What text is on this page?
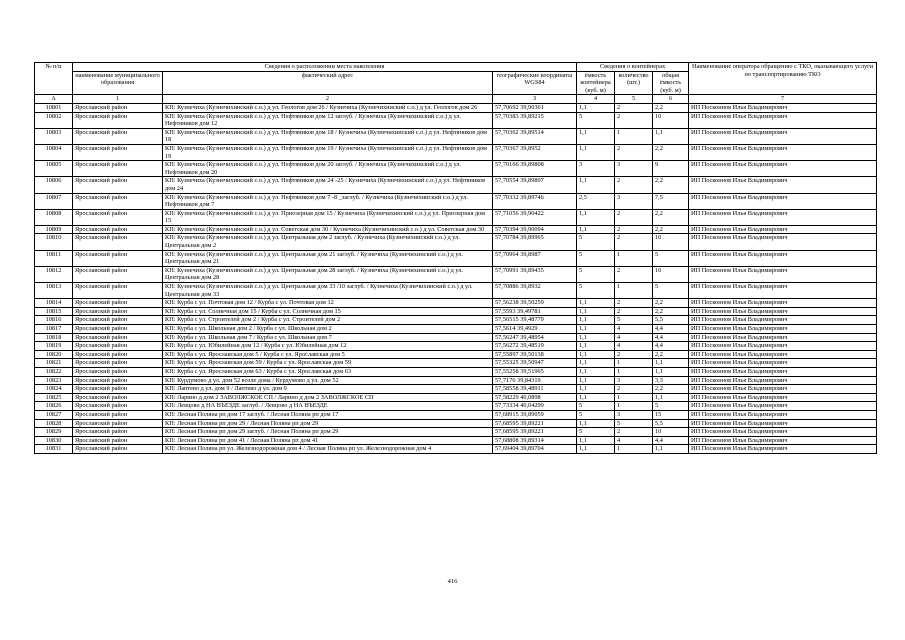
№ п/п	Сведения о расположении места накопления			Сведения о контейнерах			Наименование оператора обращению с ТКО, оказывающего услуги по транспортированию ТКО
	наименование муниципального образования	фактический адрес	географические координаты WGS84	ёмкость контейнера (куб. м)	количество (шт.)	общая ёмкость (куб. м)	
А	1	2	3	4	5	6	7
10801	Ярославский район	КП: Кузнечиха (Кузнечихинский с.о.) д ул. Геологов дом 26 / Кузнечиха (Кузнечихинский с.о.) д ул. Геологов дом 26	57,70692 39,90361	1,1	2	2,2	ИП Посконнов Илья Владимирович
10802	Ярославский район	КП: Кузнечиха (Кузнечихинский с.о.) д ул. Нефтяников дом 12 заглуб. / Кузнечиха (Кузнечихинский с.о.) д ул. Нефтяников дом 12	57,70383 39,89215	5	2	10	ИП Посконнов Илья Владимирович
10803	Ярославский район	КП: Кузнечиха (Кузнечихинский с.о.) д ул. Нефтяников дом 18 / Кузнечиха (Кузнечихинский с.о.) д ул. Нефтяников дом 18	57,70362 39,89514	1,1	1	1,1	ИП Посконнов Илья Владимирович
10804	Ярославский район	КП: Кузнечиха (Кузнечихинский с.о.) д ул. Нефтяников дом 19 / Кузнечиха (Кузнечихинский с.о.) д ул. Нефтяников дом 19	57,70367 39,8952	1,1	2	2,2	ИП Посконнов Илья Владимирович
10805	Ярославский район	КП: Кузнечиха (Кузнечихинский с.о.) д ул. Нефтяников дом 20 заглуб. / Кузнечиха (Кузнечихинский с.о.) д ул. Нефтяников дом 20	57,70166 39,89808	3	3	9	ИП Посконнов Илья Владимирович
10806	Ярославский район	КП: Кузнечиха (Кузнечихинский с.о.) д ул. Нефтяников дом 24 -25 / Кузнечиха (Кузнечихинский с.о.) д ул. Нефтяников дом 24	57,70554 39,89897	1,1	2	2,2	ИП Посконнов Илья Владимирович
10807	Ярославский район	КП: Кузнечиха (Кузнечихинский с.о.) д ул. Нефтяников дом 7 -8 _заглуб. / Кузнечиха (Кузнечихинский с.о.) д ул. Нефтяников дом 7	57,70332 39,89746	2,5	3	7,5	ИП Посконнов Илья Владимирович
10808	Ярославский район	КП: Кузнечиха (Кузнечихинский с.о.) д ул. Приозерная дом 15 / Кузнечиха (Кузнечихинский с.о.) д ул. Приозерная дом 15	57,71056 39,90422	1,1	2	2,2	ИП Посконнов Илья Владимирович
10809	Ярославский район	КП: Кузнечиха (Кузнечихинский с.о.) д ул. Советская дом 30 / Кузнечиха (Кузнечихинский с.о.) д ул. Советская дом 30	57,70394 39,90094	1,1	2	2,2	ИП Посконнов Илья Владимирович
10810	Ярославский район	КП: Кузнечиха (Кузнечихинский с.о.) д ул. Центральная дом 2 заглуб. / Кузнечиха (Кузнечихинский с.о.) д ул. Центральная дом 2	57,70784 39,89965	5	2	10	ИП Посконнов Илья Владимирович
10811	Ярославский район	КП: Кузнечиха (Кузнечихинский с.о.) д ул. Центральная дом 21 заглуб. / Кузнечиха (Кузнечихинский с.о.) д ул. Центральная дом 21	57,70964 39,8987	5	1	5	ИП Посконнов Илья Владимирович
10812	Ярославский район	КП: Кузнечиха (Кузнечихинский с.о.) д ул. Центральная дом 28 заглуб. / Кузнечиха (Кузнечихинский с.о.) д ул. Центральная дом 28	57,70991 39,89435	5	2	10	ИП Посконнов Илья Владимирович
10813	Ярославский район	КП: Кузнечиха (Кузнечихинский с.о.) д ул. Центральная дом 33 /10 заглуб. / Кузнечиха (Кузнечихинский с.о.) д ул. Центральная дом 33	57,70886 39,8932	5	1	5	ИП Посконнов Илья Владимирович
10814	Ярославский район	КП: Курба с ул. Почтовая дом 12 / Курба с ул. Почтовая дом 12	57,56238 39,50259	1,1	2	2,2	ИП Посконнов Илья Владимирович
10815	Ярославский район	КП: Курба с ул. Солнечная дом 15 / Курба с ул. Солнечная дом 15	57,5593 39,49781	1,1	2	2,2	ИП Посконнов Илья Владимирович
10816	Ярославский район	КП: Курба с ул. Строителей дом 2 / Курба с ул. Строителей дом 2	57,56515 39,48779	1,1	5	5,5	ИП Посконнов Илья Владимирович
10817	Ярославский район	КП: Курба с ул. Школьная дом 2 / Курба с ул. Школьная дом 2	57,5614 39,4929	1,1	4	4,4	ИП Посконнов Илья Владимирович
10818	Ярославский район	КП: Курба с ул. Школьная дом 7 / Курба с ул. Школьная дом 7	57,56247 39,48954	1,1	4	4,4	ИП Посконнов Илья Владимирович
10819	Ярославский район	КП: Курба с ул. Юбилейная дом 12 / Курба с ул. Юбилейная дом 12	57,56272 39,48519	1,1	4	4,4	ИП Посконнов Илья Владимирович
10820	Ярославский район	КП: Курба с ул. Ярославская дом 5 / Курба с ул. Ярославская дом 5	57,55897 39,50138	1,1	2	2,2	ИП Посконнов Илья Владимирович
10821	Ярославский район	КП: Курба с ул. Ярославская дом 59 / Курба с ул. Ярославская дом 59	57,55325 39,50947	1,1	1	1,1	ИП Посконнов Илья Владимирович
10822	Ярославский район	КП: Курба с ул. Ярославская дом 63 / Курба с ул. Ярославская дом 63	57,55258 39,51965	1,1	1	1,1	ИП Посконнов Илья Владимирович
10823	Ярославский район	КП: Курдумово д ул. дом 52 возле дома / Курдумово д ул. дом 52	57,7176 39,84319	1,1	3	3,3	ИП Посконнов Илья Владимирович
10824	Ярославский район	КП: Лаптево д ул. дом 9 / Лаптево д ул. дом 9	57,58558 39,48911	1,1	2	2,2	ИП Посконнов Илья Владимирович
10825	Ярославский район	КП: Ларино д дом 2 ЗАВОЛЖСКОЕ СП / Ларино д дом 2 ЗАВОЛЖСКОЕ СП	57,58229 40,0898	1,1	1	1,1	ИП Посконнов Илья Владимирович
10826	Ярославский район	КП: Левцово д НА ВЪЕЗДЕ заглуб. / Левцово д НА ВЪЕЗДЕ	57,73334 40,04299	5	1	5	ИП Посконнов Илья Владимирович
10827	Ярославский район	КП: Лесная Поляна рп дом 17 заглуб. / Лесная Поляна рп дом 17	57,68915 39,89059	5	3	15	ИП Посконнов Илья Владимирович
10828	Ярославский район	КП: Лесная Поляна рп дом 29 / Лесная Поляна рп дом 29	57,68595 39,89221	1,1	5	5,5	ИП Посконнов Илья Владимирович
10829	Ярославский район	КП: Лесная Поляна рп дом 29 заглуб. / Лесная Поляна рп дом 29	57,68595 39,89221	5	2	10	ИП Посконнов Илья Владимирович
10830	Ярославский район	КП: Лесная Поляна рп дом 41 / Лесная Поляна рп дом 41	57,68808 39,89314	1,1	4	4,4	ИП Посконнов Илья Владимирович
10831	Ярославский район	КП: Лесная Поляна рп ул. Железнодорожная дом 4 / Лесная Поляна рп ул. Железнодорожная дом 4	57,69404 39,89704	1,1	1	1,1	ИП Посконнов Илья Владимирович
416
